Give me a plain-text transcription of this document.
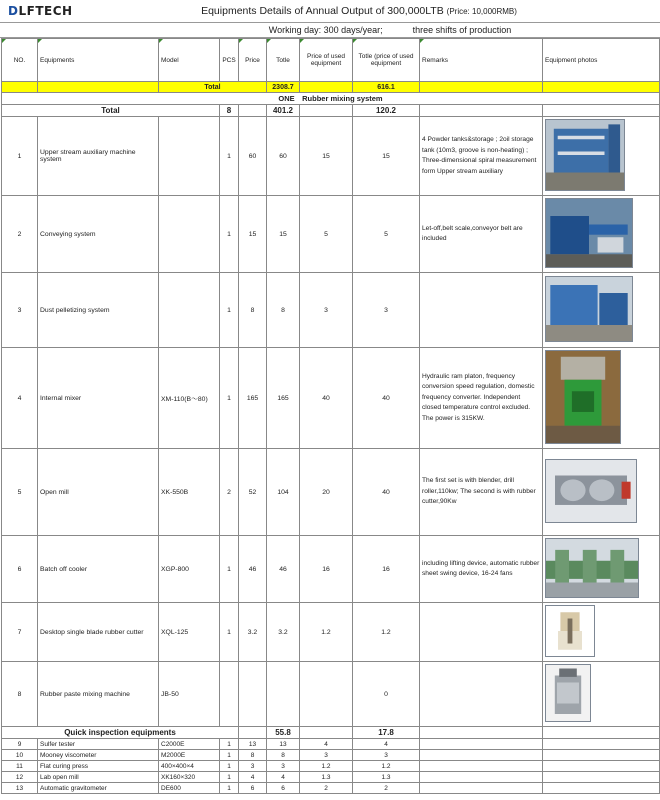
DLFTECH	Equipments Details of Annual Output of 300,000LTB (Price: 10,000RMB)
Working day: 300 days/year;	three shifts of production
NO.	Equipments	Model	PCS	Price	Totle	Price of used equipment	Totle (price of used equipment	Remarks	Equipment photos
		Total			2308.7		616.1		
ONE　Rubber mixing system									
Total			8		401.2		120.2		
1	Upper stream auxiliary machine system		1	60	60	15	15	4 Powder tanks&storage ; 2oil storage tank (10m3, groove is non-heating) ; Three-dimensional spiral measurement form Upper stream auxiliary	
2	Conveying system		1	15	15	5	5	Let-off,belt scale,conveyor belt are included	
3	Dust pelletizing system		1	8	8	3	3		
4	Internal mixer	XM-110(B～80)	1	165	165	40	40	Hydraulic ram platon, frequency conversion speed regulation, domestic frequency converter. Independent closed temperature control excluded. The power is 315KW.	
5	Open mill	XK-550B	2	52	104	20	40	The first set is with blender, drill roller,110kw; The second is with rubber cutter,90Kw	
6	Batch off cooler	XGP-800	1	46	46	16	16	including lifting device, automatic rubber sheet swing device, 16-24 fans	
7	Desktop single blade rubber cutter	XQL-125	1	3.2	3.2	1.2	1.2		
8	Rubber paste mixing machine	JB-50					0		
Quick inspection equipments					55.8		17.8		
9	Sulfer tester	C2000E	1	13	13	4	4		
10	Mooney viscometer	M2000E	1	8	8	3	3		
11	Flat curing press	400×400×4	1	3	3	1.2	1.2		
12	Lab open mill	XK160×320	1	4	4	1.3	1.3		
13	Automatic gravitometer	DE600	1	6	6	2	2		
